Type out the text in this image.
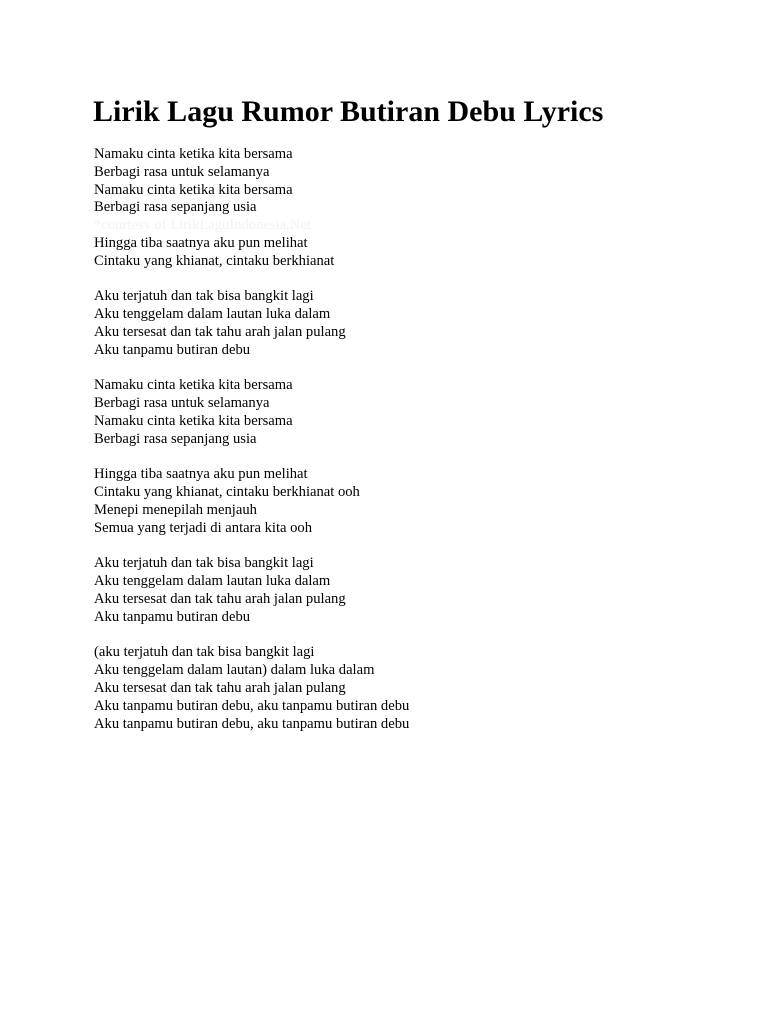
Lirik Lagu Rumor Butiran Debu Lyrics
Namaku cinta ketika kita bersama
Berbagi rasa untuk selamanya
Namaku cinta ketika kita bersama
Berbagi rasa sepanjang usia
*courtesy of LirikLaguIndonesia.Net
Hingga tiba saatnya aku pun melihat
Cintaku yang khianat, cintaku berkhianat
Aku terjatuh dan tak bisa bangkit lagi
Aku tenggelam dalam lautan luka dalam
Aku tersesat dan tak tahu arah jalan pulang
Aku tanpamu butiran debu
Namaku cinta ketika kita bersama
Berbagi rasa untuk selamanya
Namaku cinta ketika kita bersama
Berbagi rasa sepanjang usia
Hingga tiba saatnya aku pun melihat
Cintaku yang khianat, cintaku berkhianat ooh
Menepi menepilah menjauh
Semua yang terjadi di antara kita ooh
Aku terjatuh dan tak bisa bangkit lagi
Aku tenggelam dalam lautan luka dalam
Aku tersesat dan tak tahu arah jalan pulang
Aku tanpamu butiran debu
(aku terjatuh dan tak bisa bangkit lagi
Aku tenggelam dalam lautan) dalam luka dalam
Aku tersesat dan tak tahu arah jalan pulang
Aku tanpamu butiran debu, aku tanpamu butiran debu
Aku tanpamu butiran debu, aku tanpamu butiran debu
